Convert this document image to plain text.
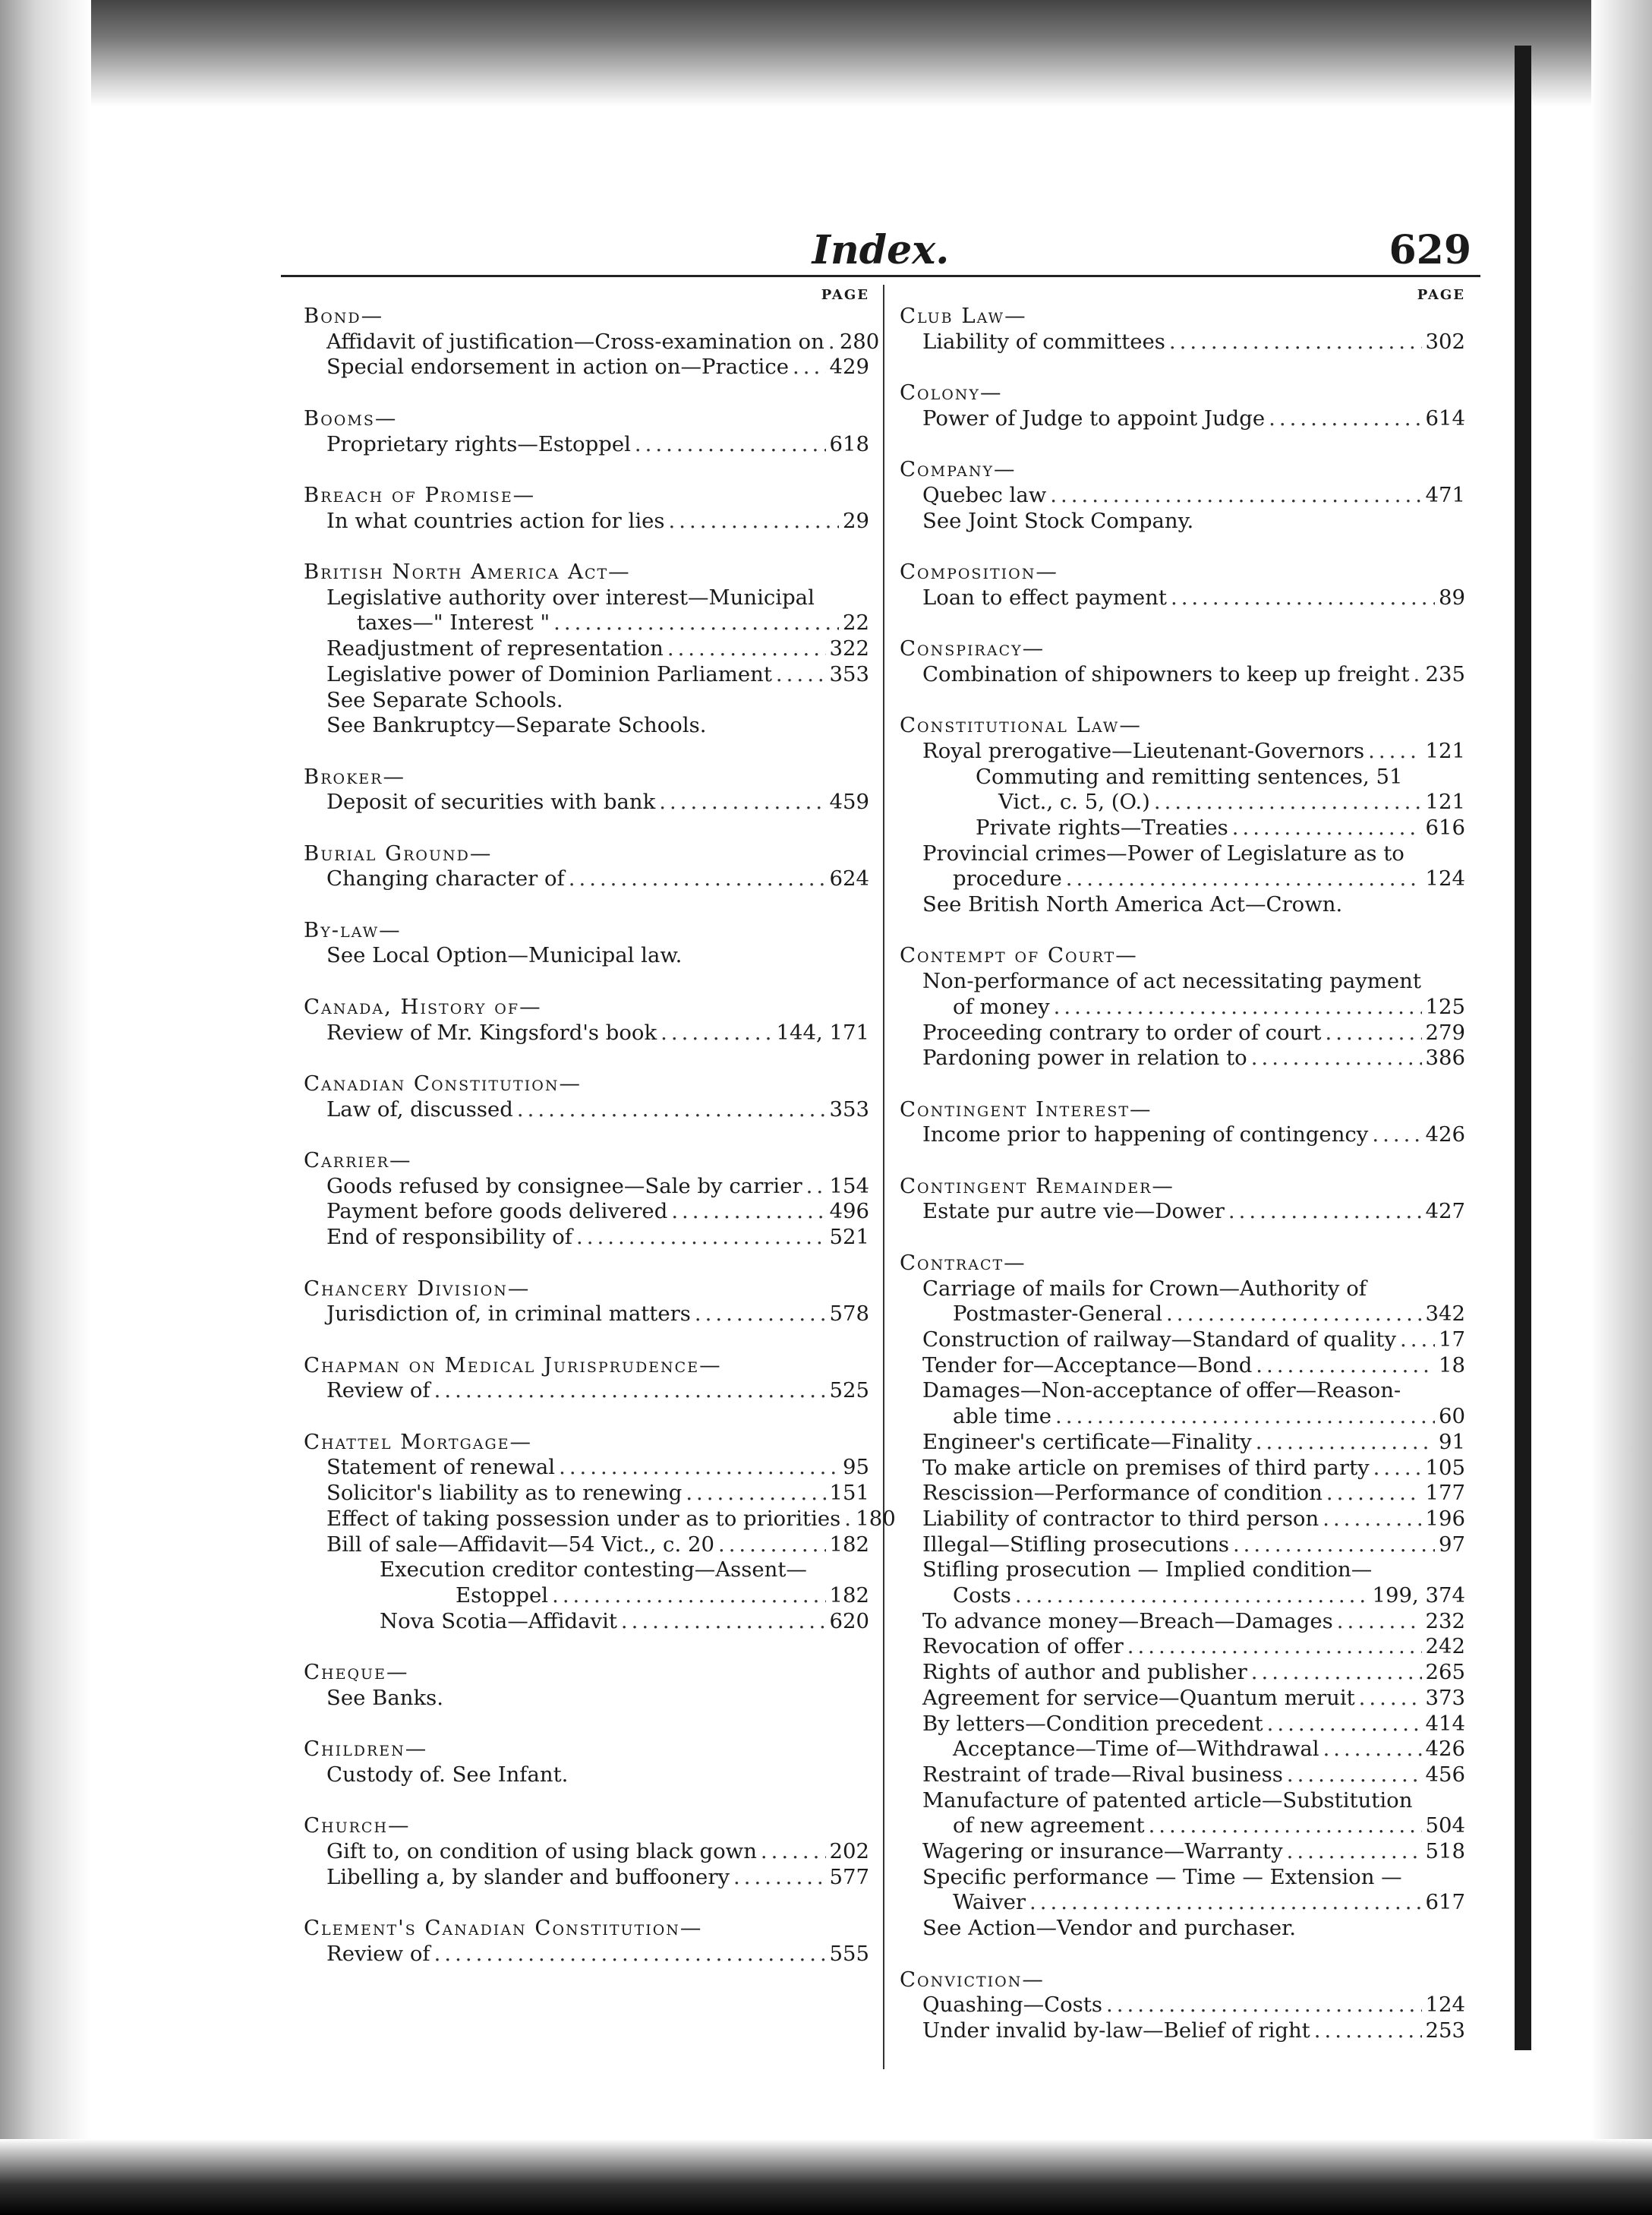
Index.	629
PAGE
Bond—
Affidavit of justification—Cross-examination on ..... 280
Special endorsement in action on—Practice ..... 429
Booms—
Proprietary rights—Estoppel .....	618
Breach of Promise—
In what countries action for lies .....	29
British North America Act—
Legislative authority over interest—Municipal
taxes—" Interest " .....	22
Readjustment of representation .....	322
Legislative power of Dominion Parliament .....	353
See Separate Schools.
See Bankruptcy—Separate Schools.
Broker—
Deposit of securities with bank .....	459
Burial Ground—
Changing character of .....	624
By-law—
See Local Option—Municipal law.
Canada, History of—
Review of Mr. Kingsford's book .....	144, 171
Canadian Constitution—
Law of, discussed .....	353
Carrier—
Goods refused by consignee—Sale by carrier ..... 154
Payment before goods delivered .....	496
End of responsibility of .....	521
Chancery Division—
Jurisdiction of, in criminal matters .....	578
Chapman on Medical Jurisprudence—
Review of .....	525
Chattel Mortgage—
Statement of renewal .....	95
Solicitor's liability as to renewing .....	151
Effect of taking possession under as to priorities ..... 180
Bill of sale—Affidavit—54 Vict., c. 20 .....	182
Execution creditor contesting—Assent—
Estoppel .....	182
Nova Scotia—Affidavit .....	620
Cheque—
See Banks.
Children—
Custody of. See Infant.
Church—
Gift to, on condition of using black gown .....	202
Libelling a, by slander and buffoonery .....	577
Clement's Canadian Constitution—
Review of .....	555
PAGE
Club Law—
Liability of committees .....	302
Colony—
Power of Judge to appoint Judge .....	614
Company—
Quebec law .....	471
See Joint Stock Company.
Composition—
Loan to effect payment .....	89
Conspiracy—
Combination of shipowners to keep up freight ..... 235
Constitutional Law—
Royal prerogative—Lieutenant-Governors .....	121
Commuting and remitting sentences, 51
Vict., c. 5, (O.) .....	121
Private rights—Treaties .....	616
Provincial crimes—Power of Legislature as to
procedure .....	124
See British North America Act—Crown.
Contempt of Court—
Non-performance of act necessitating payment
of money .....	125
Proceeding contrary to order of court .....	279
Pardoning power in relation to .....	386
Contingent Interest—
Income prior to happening of contingency .....	426
Contingent Remainder—
Estate pur autre vie—Dower .....	427
Contract—
Carriage of mails for Crown—Authority of
Postmaster-General .....	342
Construction of railway—Standard of quality ..... 17
Tender for—Acceptance—Bond .....	18
Damages—Non-acceptance of offer—Reason-
able time .....	60
Engineer's certificate—Finality .....	91
To make article on premises of third party .....	105
Rescission—Performance of condition .....	177
Liability of contractor to third person .....	196
Illegal—Stifling prosecutions .....	97
Stifling prosecution — Implied condition—
Costs .....	199, 374
To advance money—Breach—Damages .....	232
Revocation of offer .....	242
Rights of author and publisher .....	265
Agreement for service—Quantum meruit .....	373
By letters—Condition precedent .....	414
Acceptance—Time of—Withdrawal .....	426
Restraint of trade—Rival business .....	456
Manufacture of patented article—Substitution
of new agreement .....	504
Wagering or insurance—Warranty .....	518
Specific performance — Time — Extension —
Waiver .....	617
See Action—Vendor and purchaser.
Conviction—
Quashing—Costs .....	124
Under invalid by-law—Belief of right .....	253
